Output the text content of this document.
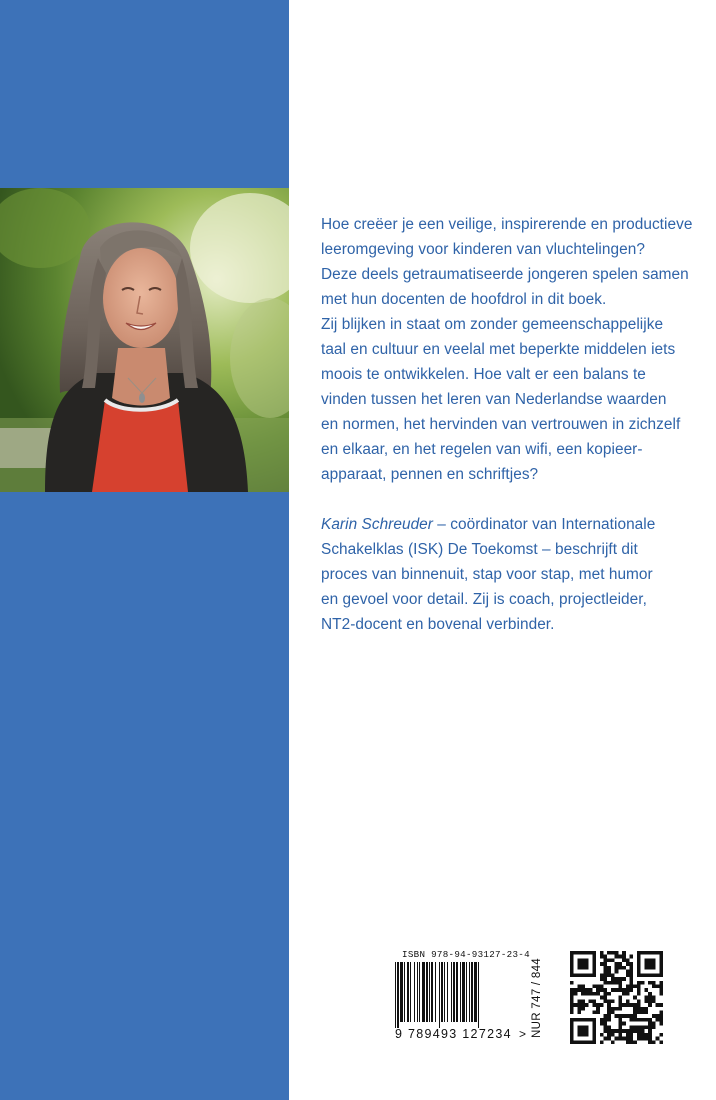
Hoe creëer je een veilige, inspirerende en productieve
leeromgeving voor kinderen van vluchtelingen?
Deze deels getraumatiseerde jongeren spelen samen
met hun docenten de hoofdrol in dit boek.
Zij blijken in staat om zonder gemeenschappelijke
taal en cultuur en veelal met beperkte middelen iets
moois te ontwikkelen. Hoe valt er een balans te
vinden tussen het leren van Nederlandse waarden
en normen, het hervinden van vertrouwen in zichzelf
en elkaar, en het regelen van wifi, een kopieer-
apparaat, pennen en schriftjes?

Karin Schreuder – coördinator van Internationale
Schakelklas (ISK) De Toekomst – beschrijft dit
proces van binnenuit, stap voor stap, met humor
en gevoel voor detail. Zij is coach, projectleider,
NT2-docent en bovenal verbinder.

ISBN 978-94-93127-23-4
9 789493 127234 > NUR 747 / 844
